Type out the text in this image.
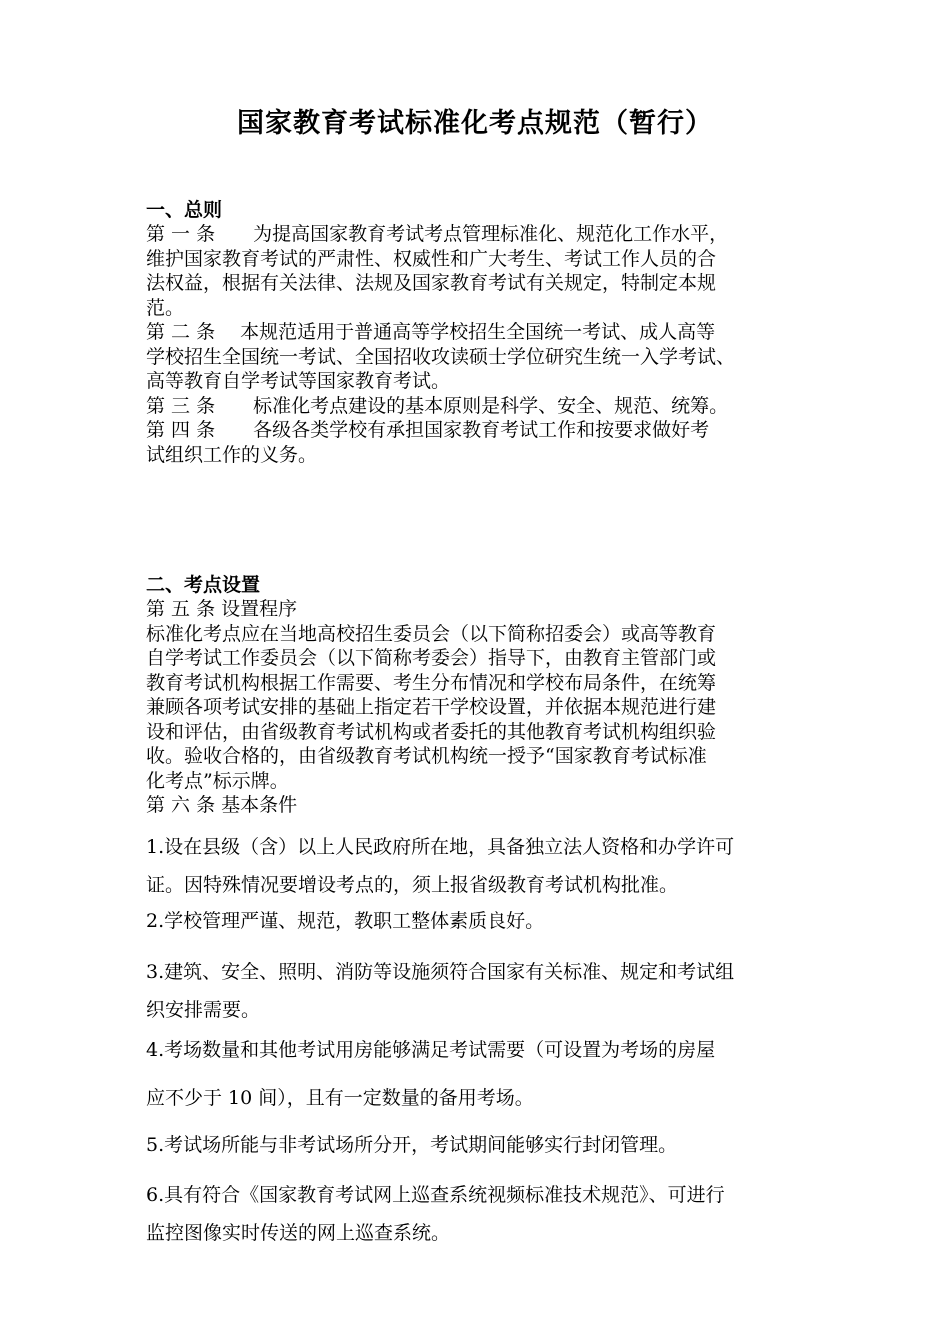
国家教育考试标准化考点规范（暂行）

一、总则

第 一 条　　为提高国家教育考试考点管理标准化、规范化工作水平，
维护国家教育考试的严肃性、权威性和广大考生、考试工作人员的合
法权益，根据有关法律、法规及国家教育考试有关规定，特制定本规
范。
第 二 条　 本规范适用于普通高等学校招生全国统一考试、成人高等
学校招生全国统一考试、全国招收攻读硕士学位研究生统一入学考试、
高等教育自学考试等国家教育考试。
第 三 条　　标准化考点建设的基本原则是科学、安全、规范、统筹。
第 四 条　　各级各类学校有承担国家教育考试工作和按要求做好考
试组织工作的义务。

二、考点设置

第 五 条 设置程序
标准化考点应在当地高校招生委员会（以下简称招委会）或高等教育
自学考试工作委员会（以下简称考委会）指导下，由教育主管部门或
教育考试机构根据工作需要、考生分布情况和学校布局条件，在统筹
兼顾各项考试安排的基础上指定若干学校设置，并依据本规范进行建
设和评估，由省级教育考试机构或者委托的其他教育考试机构组织验
收。验收合格的，由省级教育考试机构统一授予“国家教育考试标准
化考点”标示牌。
第 六 条 基本条件

1.设在县级（含）以上人民政府所在地，具备独立法人资格和办学许可
证。因特殊情况要增设考点的，须上报省级教育考试机构批准。
2.学校管理严谨、规范，教职工整体素质良好。
3.建筑、安全、照明、消防等设施须符合国家有关标准、规定和考试组
织安排需要。
4.考场数量和其他考试用房能够满足考试需要（可设置为考场的房屋
应不少于 10 间），且有一定数量的备用考场。
5.考试场所能与非考试场所分开，考试期间能够实行封闭管理。
6.具有符合《国家教育考试网上巡查系统视频标准技术规范》、可进行
监控图像实时传送的网上巡查系统。
